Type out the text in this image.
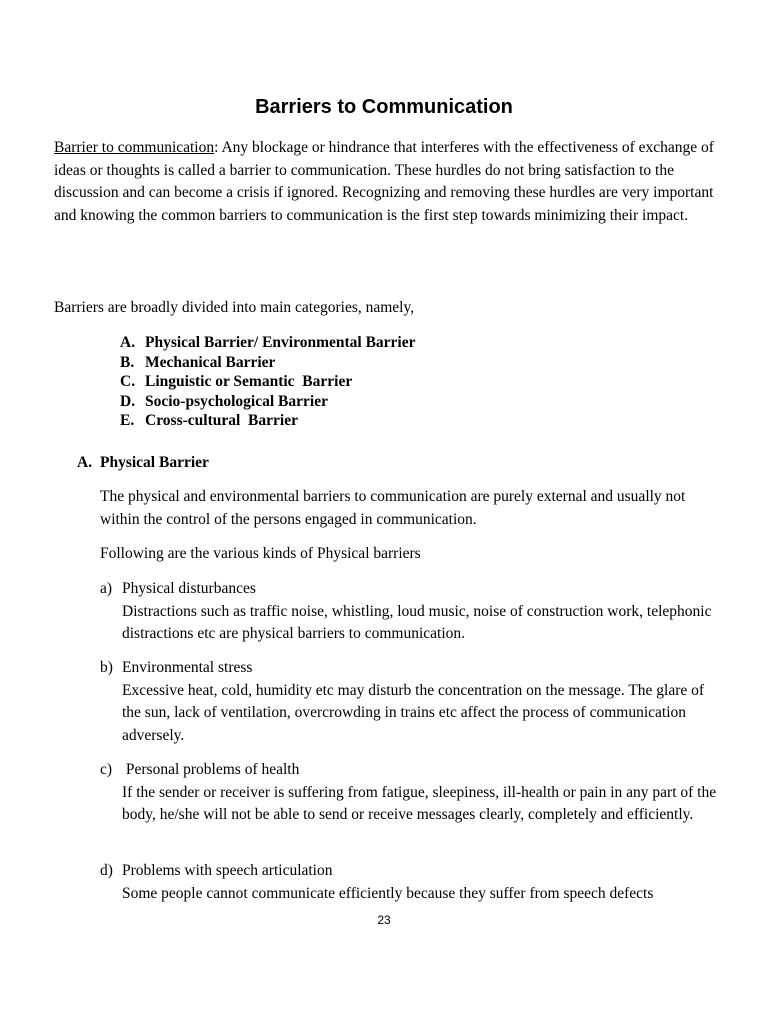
Barriers to Communication
Barrier to communication: Any blockage or hindrance that interferes with the effectiveness of exchange of ideas or thoughts is called a barrier to communication. These hurdles do not bring satisfaction to the discussion and can become a crisis if ignored. Recognizing and removing these hurdles are very important and knowing the common barriers to communication is the first step towards minimizing their impact.
Barriers are broadly divided into main categories, namely,
A. Physical Barrier/ Environmental Barrier
B. Mechanical Barrier
C. Linguistic or Semantic  Barrier
D. Socio-psychological Barrier
E. Cross-cultural  Barrier
A. Physical Barrier
The physical and environmental barriers to communication are purely external and usually not within the control of the persons engaged in communication.
Following are the various kinds of Physical barriers
a) Physical disturbances
Distractions such as traffic noise, whistling, loud music, noise of construction work, telephonic distractions etc are physical barriers to communication.
b) Environmental stress
Excessive heat, cold, humidity etc may disturb the concentration on the message. The glare of the sun, lack of ventilation, overcrowding in trains etc affect the process of communication adversely.
c) Personal problems of health
If the sender or receiver is suffering from fatigue, sleepiness, ill-health or pain in any part of the body, he/she will not be able to send or receive messages clearly, completely and efficiently.
d) Problems with speech articulation
Some people cannot communicate efficiently because they suffer from speech defects
23
